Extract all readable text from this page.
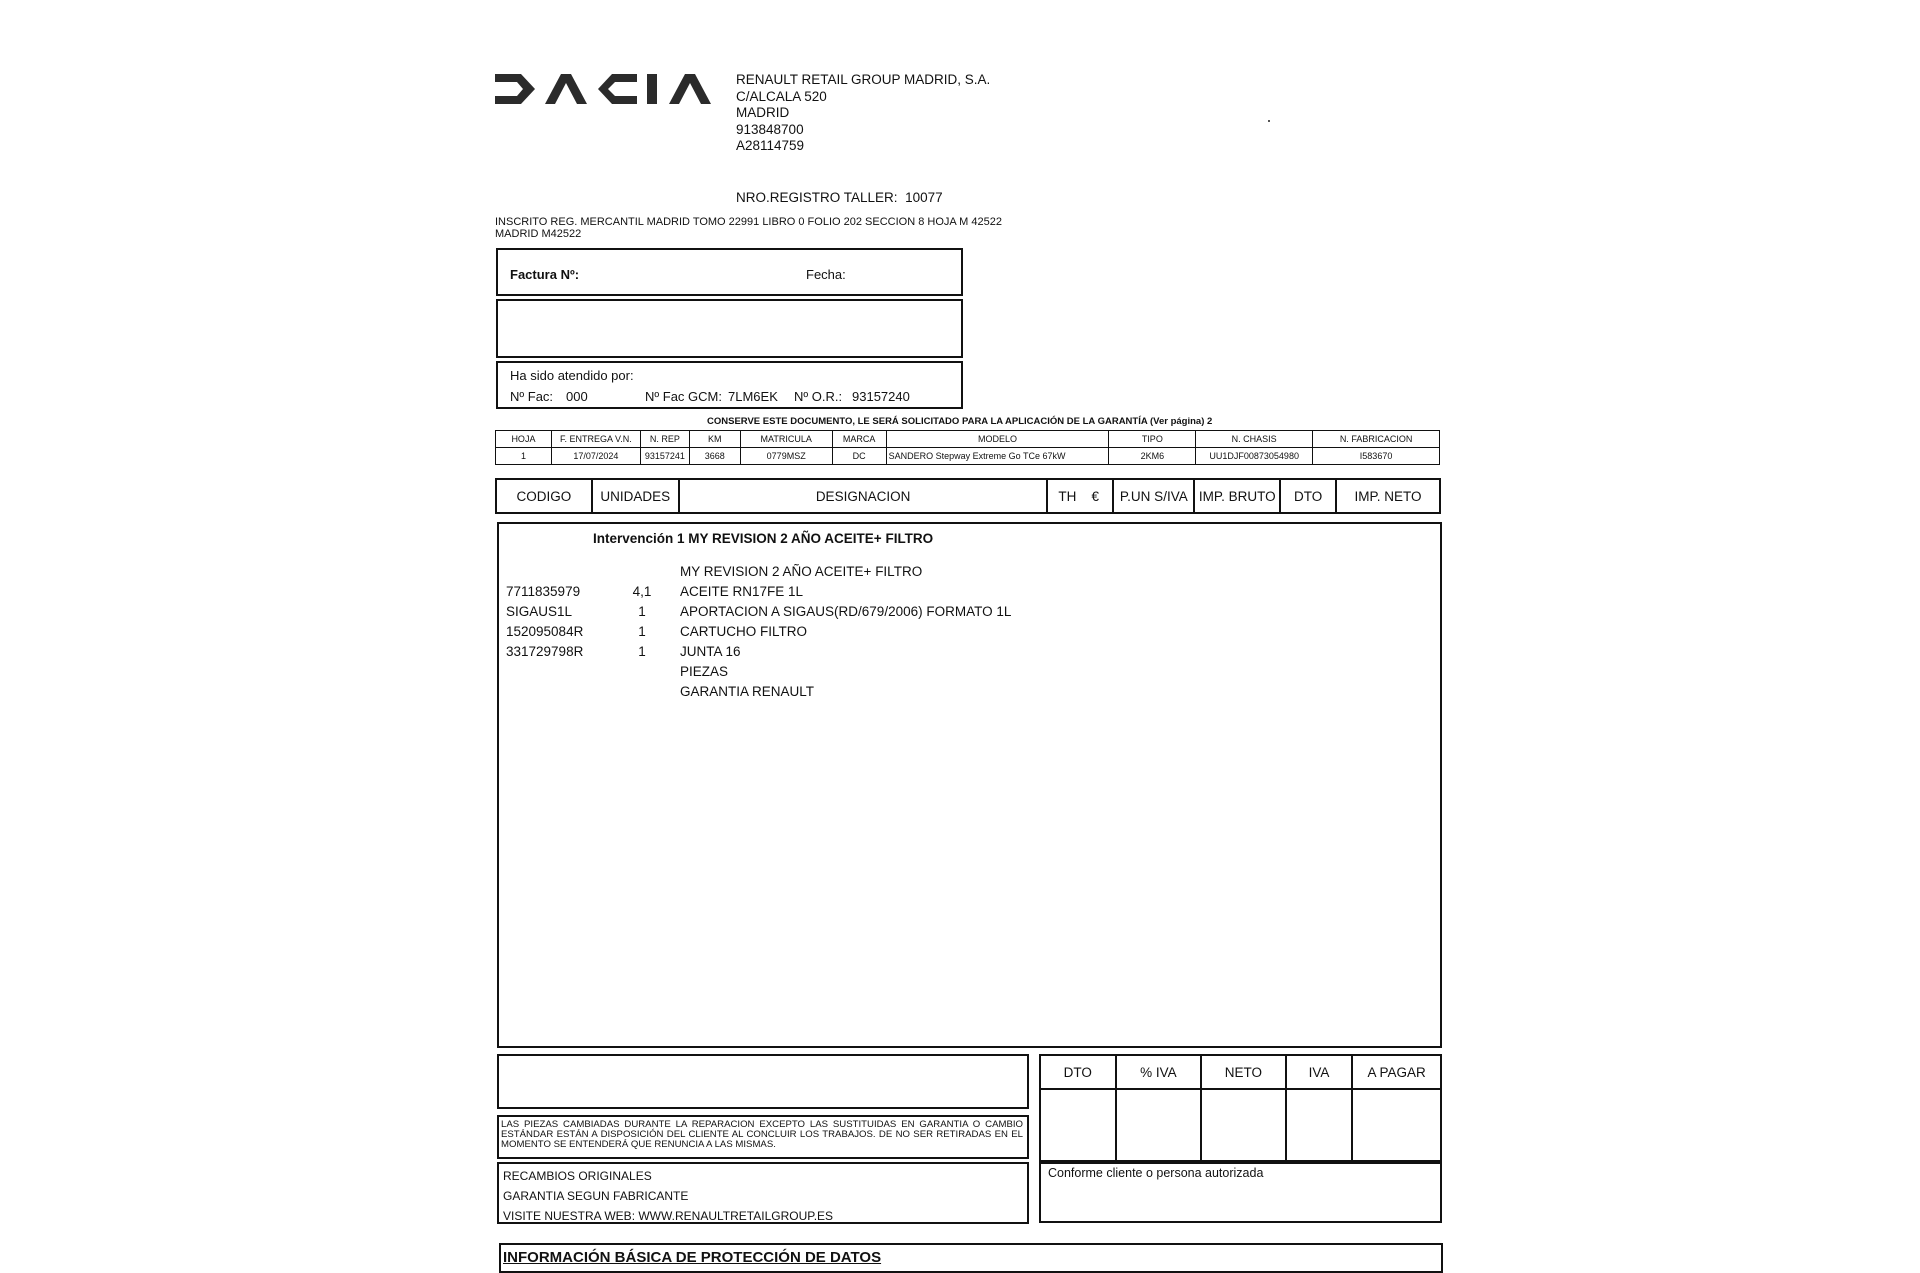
RENAULT RETAIL GROUP MADRID, S.A.
C/ALCALA 520
MADRID
913848700
A28114759
NRO.REGISTRO TALLER: 10077
INSCRITO REG. MERCANTIL MADRID TOMO 22991 LIBRO 0 FOLIO 202 SECCION 8 HOJA M 42522 MADRID M42522
Factura Nº:	Fecha:
Ha sido atendido por:
Nº Fac: 000	Nº Fac GCM: 7LM6EK Nº O.R.: 93157240
CONSERVE ESTE DOCUMENTO, LE SERÁ SOLICITADO PARA LA APLICACIÓN DE LA GARANTÍA (Ver página) 2
HOJA	F. ENTREGA V.N.	N. REP	KM	MATRICULA	MARCA	MODELO	TIPO	N. CHASIS	N. FABRICACION
1	17/07/2024	93157241	3668	0779MSZ	DC	SANDERO Stepway Extreme Go TCe 67kW	2KM6	UU1DJF00873054980	I583670
CODIGO	UNIDADES	DESIGNACION	TH €	P.UN S/IVA	IMP. BRUTO	DTO	IMP. NETO
Intervención 1 MY REVISION 2 AÑO ACEITE+ FILTRO
MY REVISION 2 AÑO ACEITE+ FILTRO
7711835979	4,1	ACEITE RN17FE 1L
SIGAUS1L	1	APORTACION A SIGAUS(RD/679/2006) FORMATO 1L
152095084R	1	CARTUCHO FILTRO
331729798R	1	JUNTA 16
PIEZAS
GARANTIA RENAULT
LAS PIEZAS CAMBIADAS DURANTE LA REPARACION EXCEPTO LAS SUSTITUIDAS EN GARANTIA O CAMBIO ESTÁNDAR ESTÁN A DISPOSICIÓN DEL CLIENTE AL CONCLUIR LOS TRABAJOS. DE NO SER RETIRADAS EN EL MOMENTO SE ENTENDERÁ QUE RENUNCIA A LAS MISMAS.
RECAMBIOS ORIGINALES
GARANTIA SEGUN FABRICANTE
VISITE NUESTRA WEB: WWW.RENAULTRETAILGROUP.ES
DTO	% IVA	NETO	IVA	A PAGAR

Conforme cliente o persona autorizada
INFORMACIÓN BÁSICA DE PROTECCIÓN DE DATOS
